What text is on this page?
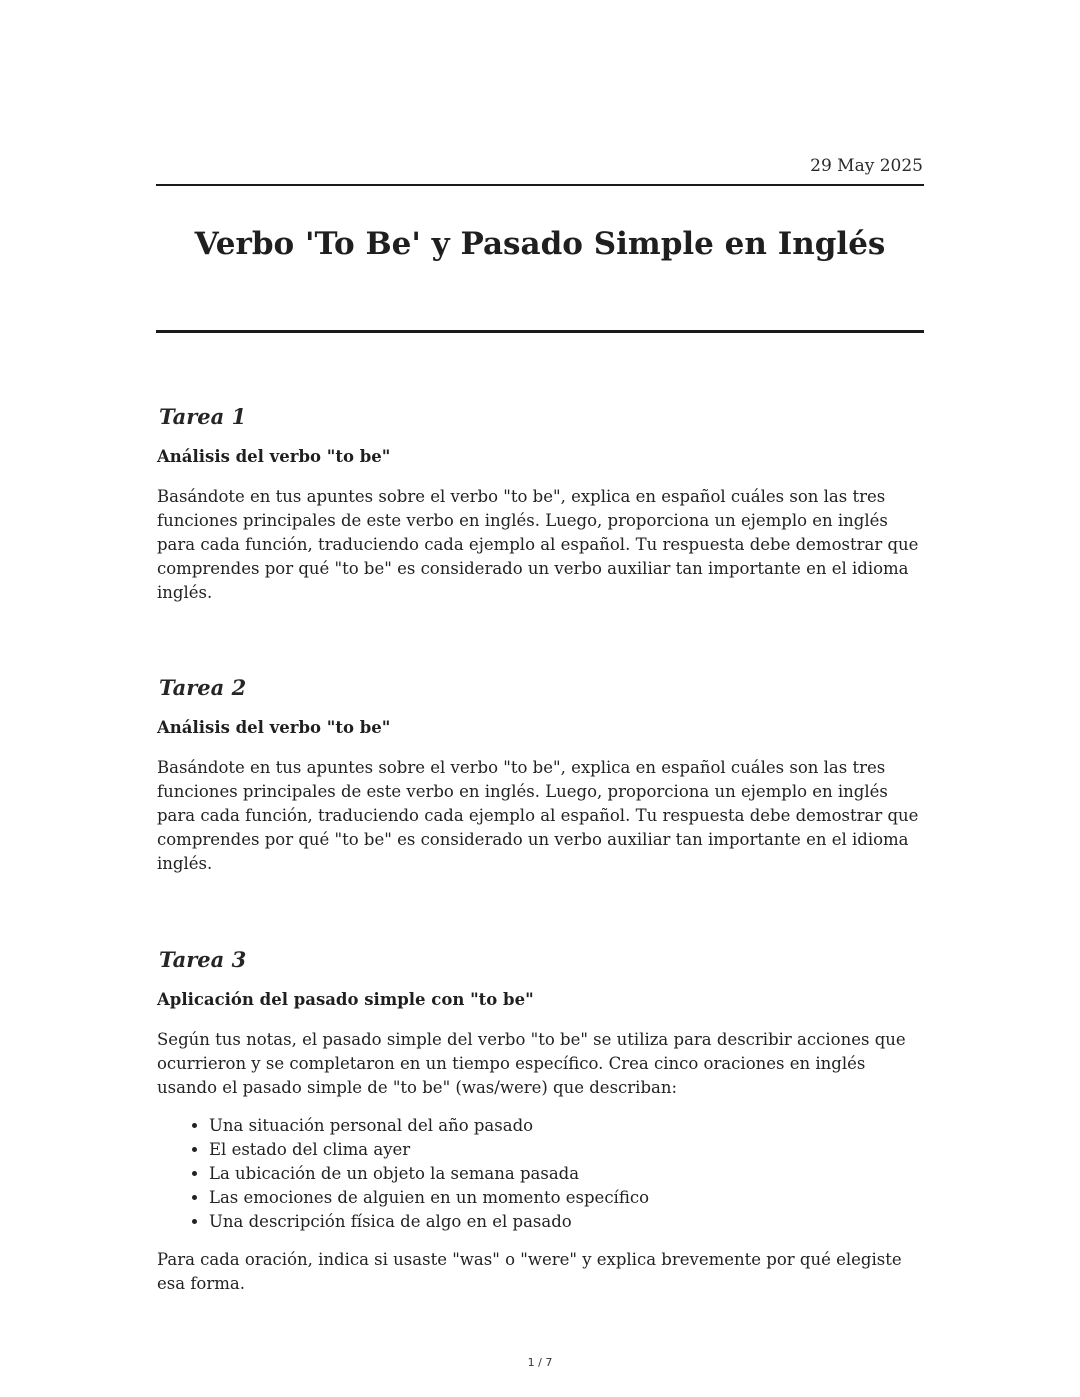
29 May 2025
Verbo 'To Be' y Pasado Simple en Inglés
Tarea 1
Análisis del verbo "to be"

Basándote en tus apuntes sobre el verbo "to be", explica en español cuáles son las tres funciones principales de este verbo en inglés. Luego, proporciona un ejemplo en inglés para cada función, traduciendo cada ejemplo al español. Tu respuesta debe demostrar que comprendes por qué "to be" es considerado un verbo auxiliar tan importante en el idioma inglés.

Tarea 2
Análisis del verbo "to be"

Basándote en tus apuntes sobre el verbo "to be", explica en español cuáles son las tres funciones principales de este verbo en inglés. Luego, proporciona un ejemplo en inglés para cada función, traduciendo cada ejemplo al español. Tu respuesta debe demostrar que comprendes por qué "to be" es considerado un verbo auxiliar tan importante en el idioma inglés.

Tarea 3
Aplicación del pasado simple con "to be"

Según tus notas, el pasado simple del verbo "to be" se utiliza para describir acciones que ocurrieron y se completaron en un tiempo específico. Crea cinco oraciones en inglés usando el pasado simple de "to be" (was/were) que describan:

• Una situación personal del año pasado
• El estado del clima ayer
• La ubicación de un objeto la semana pasada
• Las emociones de alguien en un momento específico
• Una descripción física de algo en el pasado

Para cada oración, indica si usaste "was" o "were" y explica brevemente por qué elegiste esa forma.

1 / 7
